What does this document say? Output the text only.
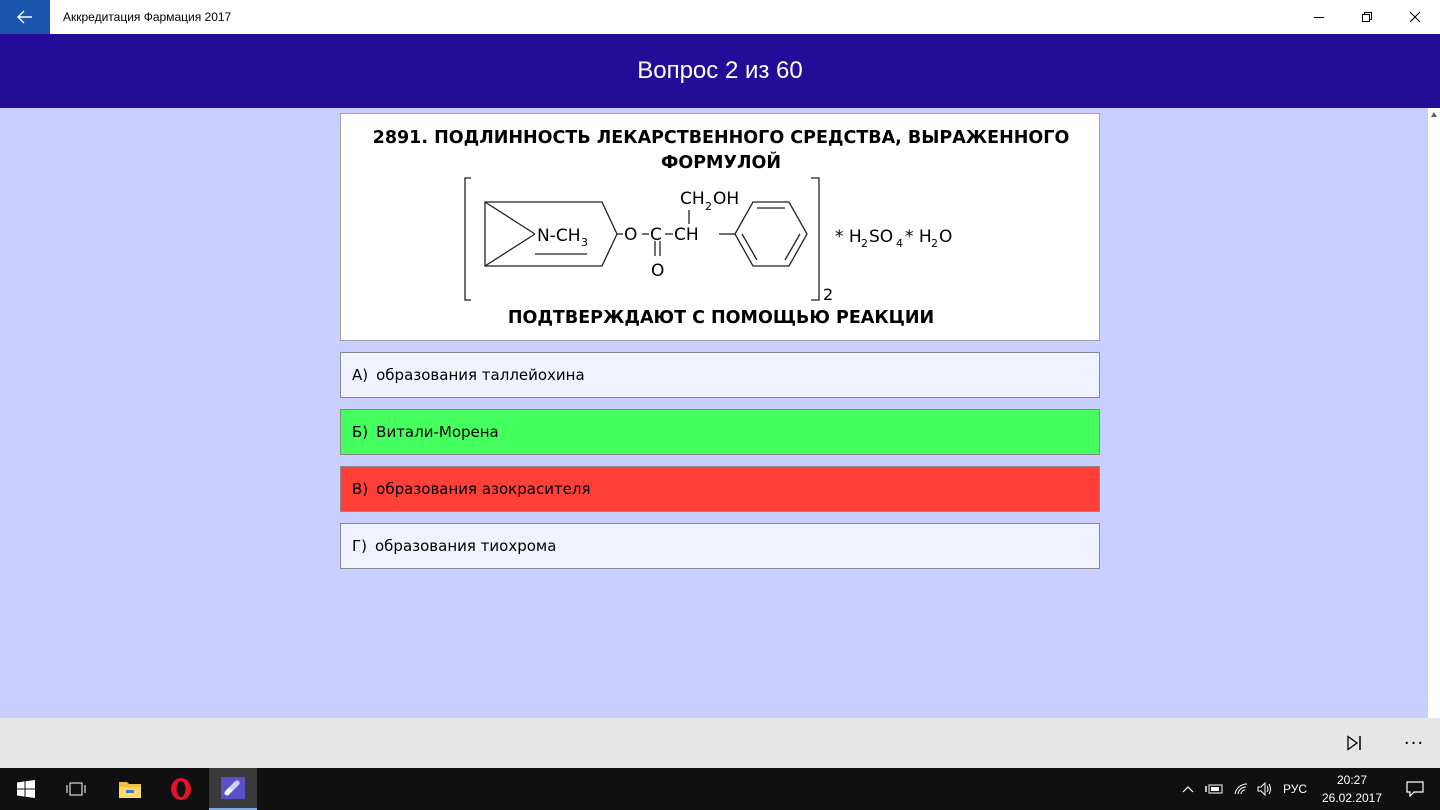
Аккредитация Фармация 2017
Вопрос 2 из 60
2891. ПОДЛИННОСТЬ ЛЕКАРСТВЕННОГО СРЕДСТВА, ВЫРАЖЕННОГО ФОРМУЛОЙ
N-CH 3 O C CH
O
CH 2 OH
2
* H 2 SO 4 * H 2 O
ПОДТВЕРЖДАЮТ С ПОМОЩЬЮ РЕАКЦИИ
А) образования таллейохина
Б) Витали-Морена
В) образования азокрасителя
Г) образования тиохрома
···
РУС
20:27
26.02.2017
